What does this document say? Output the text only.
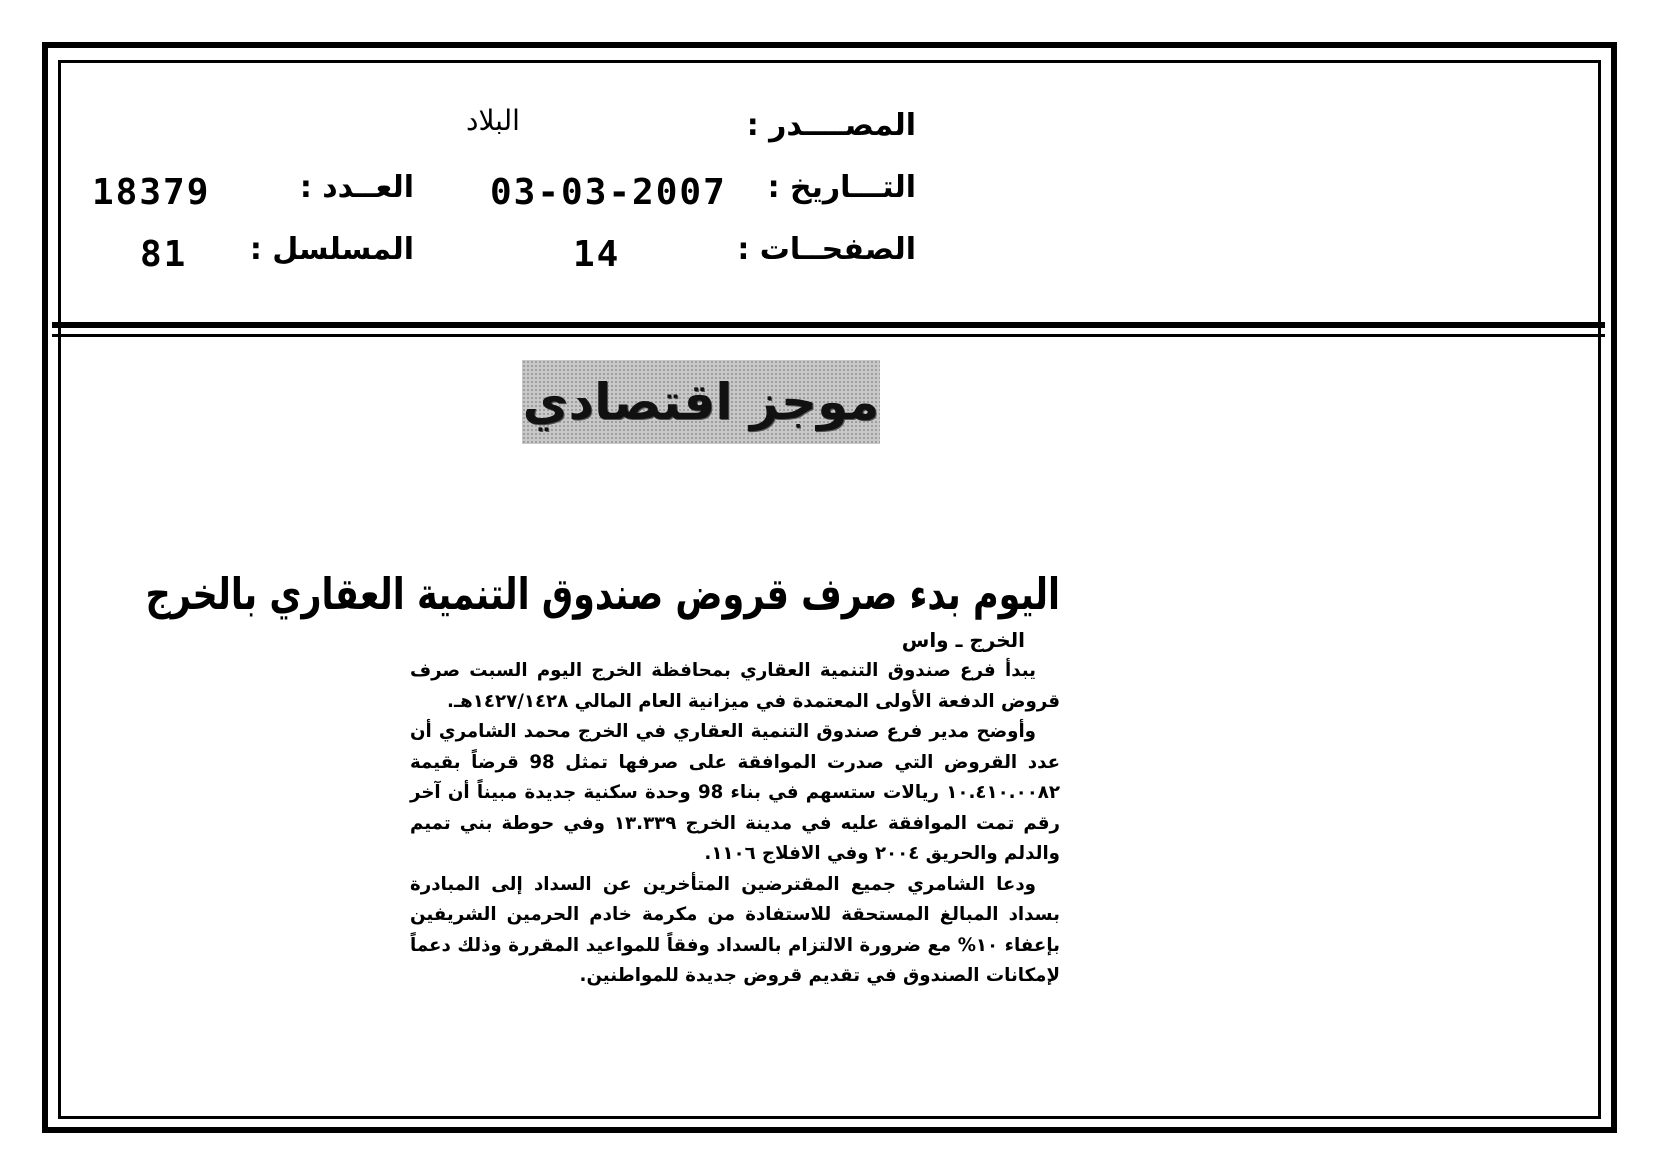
المصــــدر :
البلاد
التـــاريخ :
03-03-2007
العــدد :
18379
الصفحــات :
14
المسلسل :
81
موجز اقتصادي
اليوم بدء صرف قروض صندوق التنمية العقاري بالخرج
الخرج ـ واس

يبدأ فرع صندوق التنمية العقاري بمحافظة الخرج اليوم السبت صرف قروض الدفعة الأولى المعتمدة في ميزانية العام المالي ١٤٢٧/١٤٢٨هـ.

وأوضح مدير فرع صندوق التنمية العقاري في الخرج محمد الشامري أن عدد القروض التي صدرت الموافقة على صرفها تمثل 98 قرضاً بقيمة ١٠.٤١٠.٠٠٨٢ ريالات ستسهم في بناء 98 وحدة سكنية جديدة مبيناً أن آخر رقم تمت الموافقة عليه في مدينة الخرج ١٣.٣٣٩ وفي حوطة بني تميم والدلم والحريق ٢٠٠٤ وفي الافلاج ١١٠٦.

ودعا الشامري جميع المقترضين المتأخرين عن السداد إلى المبادرة بسداد المبالغ المستحقة للاستفادة من مكرمة خادم الحرمين الشريفين بإعفاء ١٠% مع ضرورة الالتزام بالسداد وفقاً للمواعيد المقررة وذلك دعماً لإمكانات الصندوق في تقديم قروض جديدة للمواطنين.
